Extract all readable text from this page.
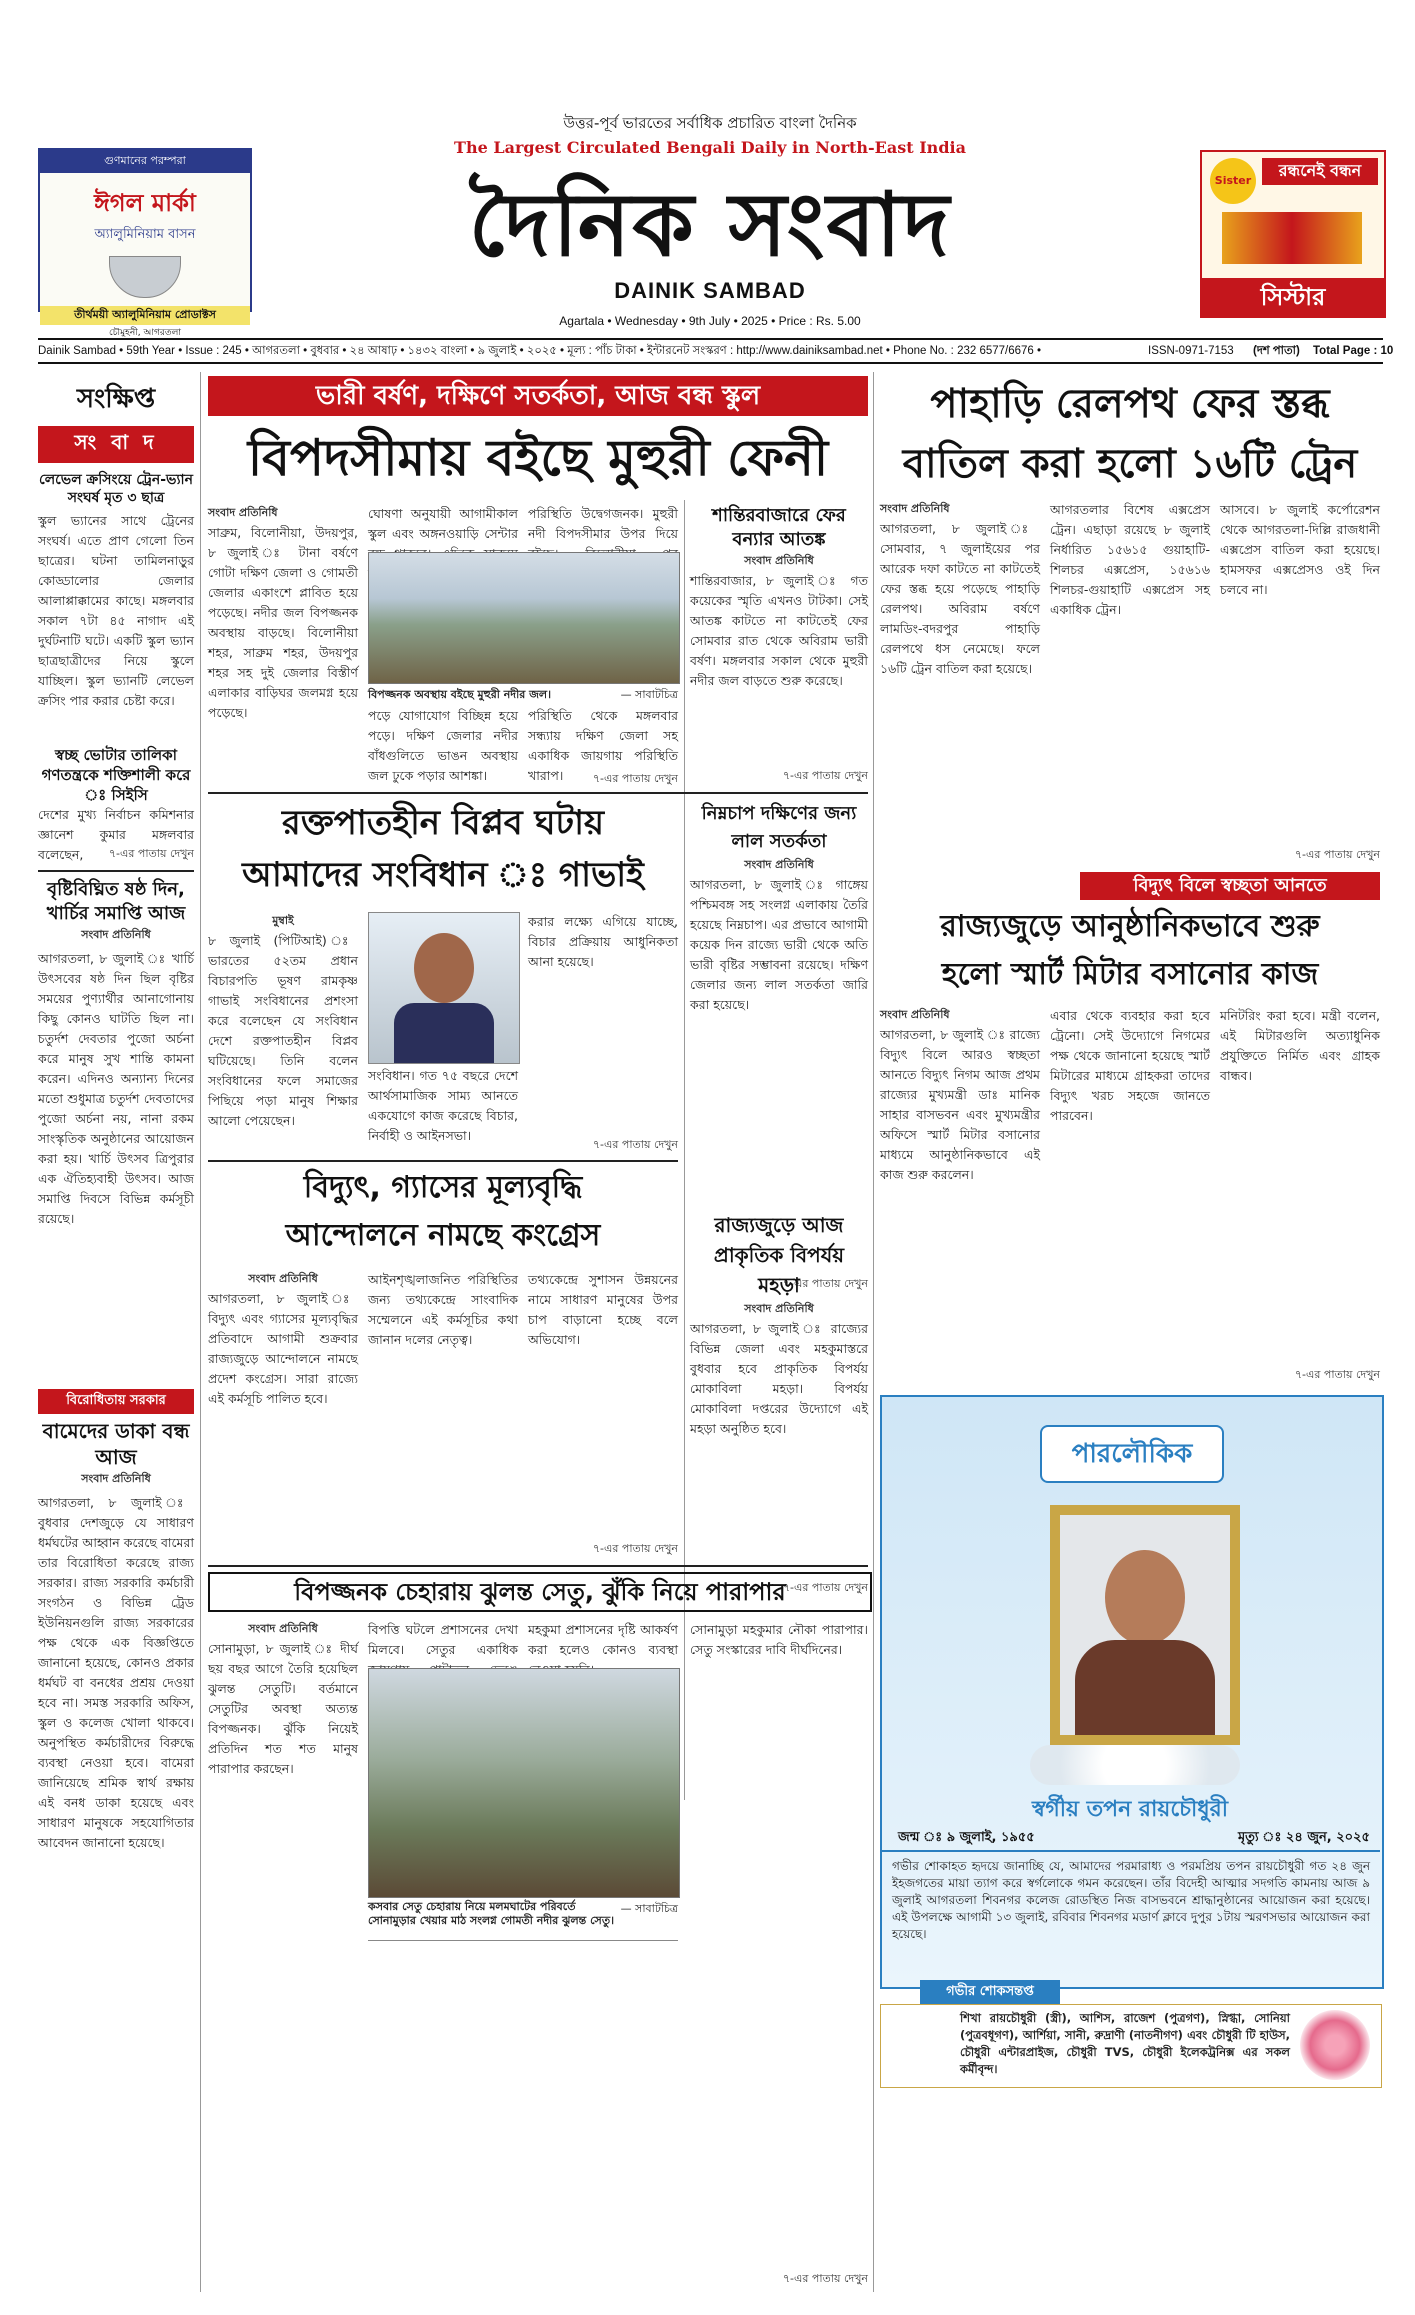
গুণমানের পরম্পরা
ঈগল মার্কা
অ্যালুমিনিয়াম বাসন
তীর্থময়ী অ্যালুমিনিয়াম প্রোডাক্টস
চৌমুহনী, আগরতলা
উত্তর-পূর্ব ভারতের সর্বাধিক প্রচারিত বাংলা দৈনিক
The Largest Circulated Bengali Daily in North-East India
দৈনিক সংবাদ
DAINIK SAMBAD
Agartala • Wednesday • 9th July • 2025 • Price : Rs. 5.00
রন্ধনেই বন্ধন
Sister
সিস্টার
Dainik Sambad • 59th Year • Issue : 245 • আগরতলা • বুধবার • ২৪ আষাঢ় • ১৪৩২ বাংলা • ৯ জুলাই • ২০২৫ • মূল্য : পাঁচ টাকা • ইন্টারনেট সংস্করণ : http://www.dainiksambad.net • Phone No. : 232 6577/6676 •	ISSN-0971-7153 (দশ পাতা) Total Page : 10
সংক্ষিপ্ত
সং বা দ
লেভেল ক্রসিংয়ে ট্রেন-ভ্যান সংঘর্ষ মৃত ৩ ছাত্র
স্কুল ভ্যানের সাথে ট্রেনের সংঘর্ষ। এতে প্রাণ গেলো তিন ছাত্রের। ঘটনা তামিলনাড়ুর কোড্ডালোর জেলার আলাপ্পাক্কামের কাছে। মঙ্গলবার সকাল ৭টা ৪৫ নাগাদ এই দুর্ঘটনাটি ঘটে। একটি স্কুল ভ্যান ছাত্রছাত্রীদের নিয়ে স্কুলে যাচ্ছিল। স্কুল ভ্যানটি লেভেল ক্রসিং পার করার চেষ্টা করে।
স্বচ্ছ ভোটার তালিকা গণতন্ত্রকে শক্তিশালী করে ঃ সিইসি
দেশের মুখ্য নির্বাচন কমিশনার জ্ঞানেশ কুমার মঙ্গলবার বলেছেন,	৭-এর পাতায় দেখুন
বৃষ্টিবিঘ্নিত ষষ্ঠ দিন, খার্চির সমাপ্তি আজ
সংবাদ প্রতিনিধি
আগরতলা, ৮ জুলাই ঃ খার্চি উৎসবের ষষ্ঠ দিন ছিল বৃষ্টির সময়ের পুণ্যার্থীর আনাগোনায় কিছু কোনও ঘাটতি ছিল না। চতুর্দশ দেবতার পুজো অর্চনা করে মানুষ সুখ শান্তি কামনা করেন। এদিনও অন্যান্য দিনের মতো শুধুমাত্র চতুর্দশ দেবতাদের পুজো অর্চনা নয়, নানা রকম সাংস্কৃতিক অনুষ্ঠানের আয়োজন করা হয়। খার্চি উৎসব ত্রিপুরার এক ঐতিহ্যবাহী উৎসব। আজ সমাপ্তি দিবসে বিভিন্ন কর্মসূচী রয়েছে।
বিরোধিতায় সরকার
বামেদের ডাকা বন্ধ আজ
সংবাদ প্রতিনিধি
আগরতলা, ৮ জুলাই ঃ বুধবার দেশজুড়ে যে সাধারণ ধর্মঘটের আহ্বান করেছে বামেরা তার বিরোধিতা করেছে রাজ্য সরকার। রাজ্য সরকারি কর্মচারী সংগঠন ও বিভিন্ন ট্রেড ইউনিয়নগুলি রাজ্য সরকারের পক্ষ থেকে এক বিজ্ঞপ্তিতে জানানো হয়েছে, কোনও প্রকার ধর্মঘট বা বনধের প্রশ্রয় দেওয়া হবে না। সমস্ত সরকারি অফিস, স্কুল ও কলেজ খোলা থাকবে। অনুপস্থিত কর্মচারীদের বিরুদ্ধে ব্যবস্থা নেওয়া হবে। বামেরা জানিয়েছে শ্রমিক স্বার্থ রক্ষায় এই বনধ ডাকা হয়েছে এবং সাধারণ মানুষকে সহযোগিতার আবেদন জানানো হয়েছে।
ভারী বর্ষণ, দক্ষিণে সতর্কতা, আজ বন্ধ স্কুল
বিপদসীমায় বইছে মুহুরী ফেনী
সংবাদ প্রতিনিধি
সাব্রুম, বিলোনীয়া, উদয়পুর, ৮ জুলাই ঃ টানা বর্ষণে গোটা দক্ষিণ জেলা ও গোমতী জেলার একাংশে প্লাবিত হয়ে পড়েছে। নদীর জল বিপজ্জনক অবস্থায় বাড়ছে। বিলোনীয়া শহর, সাব্রুম শহর, উদয়পুর শহর সহ দুই জেলার বিস্তীর্ণ এলাকার বাড়িঘর জলমগ্ন হয়ে পড়েছে।
ঘোষণা অনুযায়ী আগামীকাল স্কুল এবং অঙ্গনওয়াড়ি সেন্টার
পরিস্থিতি উদ্বেগজনক। মুহুরী নদী বিপদসীমার উপর দিয়ে
বিপজ্জনক অবস্থায় বইছে মুহুরী নদীর জল।	— সাবাটচিত্র
পড়ে যোগাযোগ বিচ্ছিন্ন হয়ে পড়ে। দক্ষিণ জেলার নদীর বাঁধগুলিতে ভাঙন অবস্থায় জল ঢুকে পড়ার আশঙ্কা।
পরিস্থিতি থেকে মঙ্গলবার সন্ধ্যায় দক্ষিণ জেলা সহ একাধিক জায়গায় পরিস্থিতি খারাপ।	৭-এর পাতায় দেখুন
শান্তিরবাজারে ফের বন্যার আতঙ্ক
সংবাদ প্রতিনিধি
শান্তিরবাজার, ৮ জুলাই ঃ গত কয়েকের স্মৃতি এখনও টাটকা। সেই আতঙ্ক কাটতে না কাটতেই ফের সোমবার রাত থেকে অবিরাম ভারী বর্ষণ। মঙ্গলবার সকাল থেকে মুহুরী নদীর জল বাড়তে শুরু করেছে।
৭-এর পাতায় দেখুন
রক্তপাতহীন বিপ্লব ঘটায়
আমাদের সংবিধান ঃ গাভাই
মুম্বাই
৮ জুলাই (পিটিআই) ঃ ভারতের ৫২তম প্রধান বিচারপতি ভূষণ রামকৃষ্ণ গাভাই সংবিধানের প্রশংসা করে বলেছেন যে সংবিধান দেশে রক্তপাতহীন বিপ্লব ঘটিয়েছে। তিনি বলেন সংবিধানের ফলে সমাজের পিছিয়ে পড়া মানুষ শিক্ষার আলো পেয়েছেন।
সংবিধান। গত ৭৫ বছরে দেশে আর্থসামাজিক সাম্য আনতে একযোগে কাজ করেছে বিচার, নির্বাহী ও আইনসভা।
করার লক্ষ্যে এগিয়ে যাচ্ছে, বিচার প্রক্রিয়ায় আধুনিকতা আনা হয়েছে।
৭-এর পাতায় দেখুন
নিম্নচাপ দক্ষিণের জন্য লাল সতর্কতা
সংবাদ প্রতিনিধি
আগরতলা, ৮ জুলাই ঃ গাঙ্গেয় পশ্চিমবঙ্গ সহ সংলগ্ন এলাকায় তৈরি হয়েছে নিম্নচাপ। এর প্রভাবে আগামী কয়েক দিন রাজ্যে ভারী থেকে অতি ভারী বৃষ্টির সম্ভাবনা রয়েছে। দক্ষিণ জেলার জন্য লাল সতর্কতা জারি করা হয়েছে।
৭-এর পাতায় দেখুন
বিদ্যুৎ, গ্যাসের মূল্যবৃদ্ধি
আন্দোলনে নামছে কংগ্রেস
সংবাদ প্রতিনিধি
আগরতলা, ৮ জুলাই ঃ বিদ্যুৎ এবং গ্যাসের মূল্যবৃদ্ধির প্রতিবাদে আগামী শুক্রবার রাজ্যজুড়ে আন্দোলনে নামছে প্রদেশ কংগ্রেস। সারা রাজ্যে এই কর্মসূচি পালিত হবে।
আইনশৃঙ্খলাজনিত পরিস্থিতির জন্য তথ্যকেন্দ্রে সাংবাদিক সম্মেলনে এই কর্মসূচির কথা জানান দলের নেতৃত্ব।
তথ্যকেন্দ্রে সুশাসন উন্নয়নের নামে সাধারণ মানুষের উপর চাপ বাড়ানো হচ্ছে বলে অভিযোগ।
৭-এর পাতায় দেখুন
রাজ্যজুড়ে আজ প্রাকৃতিক বিপর্যয় মহড়া
সংবাদ প্রতিনিধি
আগরতলা, ৮ জুলাই ঃ রাজ্যের বিভিন্ন জেলা এবং মহকুমাস্তরে বুধবার হবে প্রাকৃতিক বিপর্যয় মোকাবিলা মহড়া। বিপর্যয় মোকাবিলা দপ্তরের উদ্যোগে এই মহড়া অনুষ্ঠিত হবে।
৭-এর পাতায় দেখুন
বিপজ্জনক চেহারায় ঝুলন্ত সেতু, ঝুঁকি নিয়ে পারাপার
সংবাদ প্রতিনিধি
সোনামুড়া, ৮ জুলাই ঃ দীর্ঘ ছয় বছর আগে তৈরি হয়েছিল ঝুলন্ত সেতুটি। বর্তমানে সেতুটির অবস্থা অত্যন্ত বিপজ্জনক। ঝুঁকি নিয়েই প্রতিদিন শত শত মানুষ পারাপার করছেন।
বিপত্তি ঘটলে প্রশাসনের দেখা মিলবে। সেতুর একাধিক
মহকুমা প্রশাসনের দৃষ্টি আকর্ষণ করা হলেও কোনও ব্যবস্থা
সোনামুড়া মহকুমার নৌকা পারাপার। সেতু সংস্কারের দাবি দীর্ঘদিনের।
কসবার সেতু চেহারায় নিয়ে মলমঘাটের পরিবর্তে সোনামুড়ার খেয়ার মাঠ সংলগ্ন গোমতী নদীর ঝুলন্ত সেতু।
— সাবাটচিত্র
৭-এর পাতায় দেখুন
পাহাড়ি রেলপথ ফের স্তব্ধ
বাতিল করা হলো ১৬টি ট্রেন
সংবাদ প্রতিনিধি
আগরতলা, ৮ জুলাই ঃ সোমবার, ৭ জুলাইয়ের পর আরেক দফা কাটতে না কাটতেই ফের স্তব্ধ হয়ে পড়েছে পাহাড়ি রেলপথ। অবিরাম বর্ষণে লামডিং-বদরপুর পাহাড়ি রেলপথে ধস নেমেছে। ফলে ১৬টি ট্রেন বাতিল করা হয়েছে।
আগরতলার বিশেষ এক্সপ্রেস ট্রেন। এছাড়া রয়েছে ৮ জুলাই নির্ধারিত ১৫৬১৫ গুয়াহাটি-শিলচর এক্সপ্রেস, ১৫৬১৬ শিলচর-গুয়াহাটি এক্সপ্রেস সহ একাধিক ট্রেন।
আসবে। ৮ জুলাই কর্পোরেশন থেকে আগরতলা-দিল্লি রাজধানী এক্সপ্রেস বাতিল করা হয়েছে। হামসফর এক্সপ্রেসও ওই দিন চলবে না।
৭-এর পাতায় দেখুন
বিদ্যুৎ বিলে স্বচ্ছতা আনতে
রাজ্যজুড়ে আনুষ্ঠানিকভাবে শুরু
হলো স্মার্ট মিটার বসানোর কাজ
সংবাদ প্রতিনিধি
আগরতলা, ৮ জুলাই ঃ রাজ্যে বিদ্যুৎ বিলে আরও স্বচ্ছতা আনতে বিদ্যুৎ নিগম আজ প্রথম রাজ্যের মুখ্যমন্ত্রী ডাঃ মানিক সাহার বাসভবন এবং মুখ্যমন্ত্রীর অফিসে স্মার্ট মিটার বসানোর মাধ্যমে আনুষ্ঠানিকভাবে এই কাজ শুরু করলেন।
এবার থেকে ব্যবহার করা হবে ট্রেনো। সেই উদ্যোগে নিগমের পক্ষ থেকে জানানো হয়েছে স্মার্ট মিটারের মাধ্যমে গ্রাহকরা তাদের বিদ্যুৎ খরচ সহজে জানতে পারবেন।
মনিটরিং করা হবে। মন্ত্রী বলেন, এই মিটারগুলি অত্যাধুনিক প্রযুক্তিতে নির্মিত এবং গ্রাহক বান্ধব।
৭-এর পাতায় দেখুন
পারলৌকিক
স্বর্গীয় তপন রায়চৌধুরী
জন্ম ঃ ৯ জুলাই, ১৯৫৫	মৃত্যু ঃ ২৪ জুন, ২০২৫
গভীর শোকাহত হৃদয়ে জানাচ্ছি যে, আমাদের পরমারাধ্য ও পরমপ্রিয় তপন রায়চৌধুরী গত ২৪ জুন ইহজগতের মায়া ত্যাগ করে স্বর্গলোকে গমন করেছেন। তাঁর বিদেহী আত্মার সদগতি কামনায় আজ ৯ জুলাই আগরতলা শিবনগর কলেজ রোডস্থিত নিজ বাসভবনে শ্রাদ্ধানুষ্ঠানের আয়োজন করা হয়েছে। এই উপলক্ষে আগামী ১৩ জুলাই, রবিবার শিবনগর মডার্ণ ক্লাবে দুপুর ১টায় স্মরণসভার আয়োজন করা হয়েছে।
গভীর শোকসন্তপ্ত
শিখা রায়চৌধুরী (স্ত্রী), আশিস, রাজেশ (পুত্রগণ), স্নিগ্ধা, সোনিয়া (পুত্রবধূগণ), আর্শিয়া, সানী, রুদ্রাণী (নাতনীগণ) এবং চৌধুরী টি হাউস, চৌধুরী এন্টারপ্রাইজ, চৌধুরী TVS, চৌধুরী ইলেকট্রনিক্স এর সকল কর্মীবৃন্দ।
